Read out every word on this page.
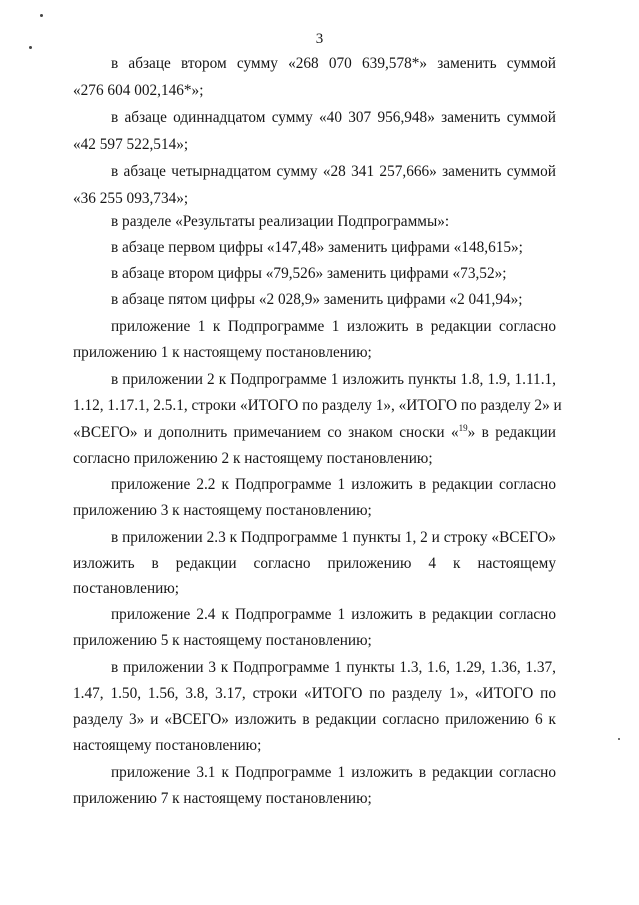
3
в абзаце втором сумму «268 070 639,578*» заменить суммой
«276 604 002,146*»;
в абзаце одиннадцатом сумму «40 307 956,948» заменить суммой
«42 597 522,514»;
в абзаце четырнадцатом сумму «28 341 257,666» заменить суммой
«36 255 093,734»;
в разделе «Результаты реализации Подпрограммы»:
в абзаце первом цифры «147,48» заменить цифрами «148,615»;
в абзаце втором цифры «79,526» заменить цифрами «73,52»;
в абзаце пятом цифры «2 028,9» заменить цифрами «2 041,94»;
приложение 1 к Подпрограмме 1 изложить в редакции согласно
приложению 1 к настоящему постановлению;
в приложении 2 к Подпрограмме 1 изложить пункты 1.8, 1.9, 1.11.1,
1.12, 1.17.1, 2.5.1, строки «ИТОГО по разделу 1», «ИТОГО по разделу 2» и
«ВСЕГО» и дополнить примечанием со знаком сноски «$^{19}$» в редакции
согласно приложению 2 к настоящему постановлению;
приложение 2.2 к Подпрограмме 1 изложить в редакции согласно
приложению 3 к настоящему постановлению;
в приложении 2.3 к Подпрограмме 1 пункты 1, 2 и строку «ВСЕГО»
изложить в редакции согласно приложению 4 к настоящему
постановлению;
приложение 2.4 к Подпрограмме 1 изложить в редакции согласно
приложению 5 к настоящему постановлению;
в приложении 3 к Подпрограмме 1 пункты 1.3, 1.6, 1.29, 1.36, 1.37,
1.47, 1.50, 1.56, 3.8, 3.17, строки «ИТОГО по разделу 1», «ИТОГО по
разделу 3» и «ВСЕГО» изложить в редакции согласно приложению 6 к
настоящему постановлению;
приложение 3.1 к Подпрограмме 1 изложить в редакции согласно
приложению 7 к настоящему постановлению;
